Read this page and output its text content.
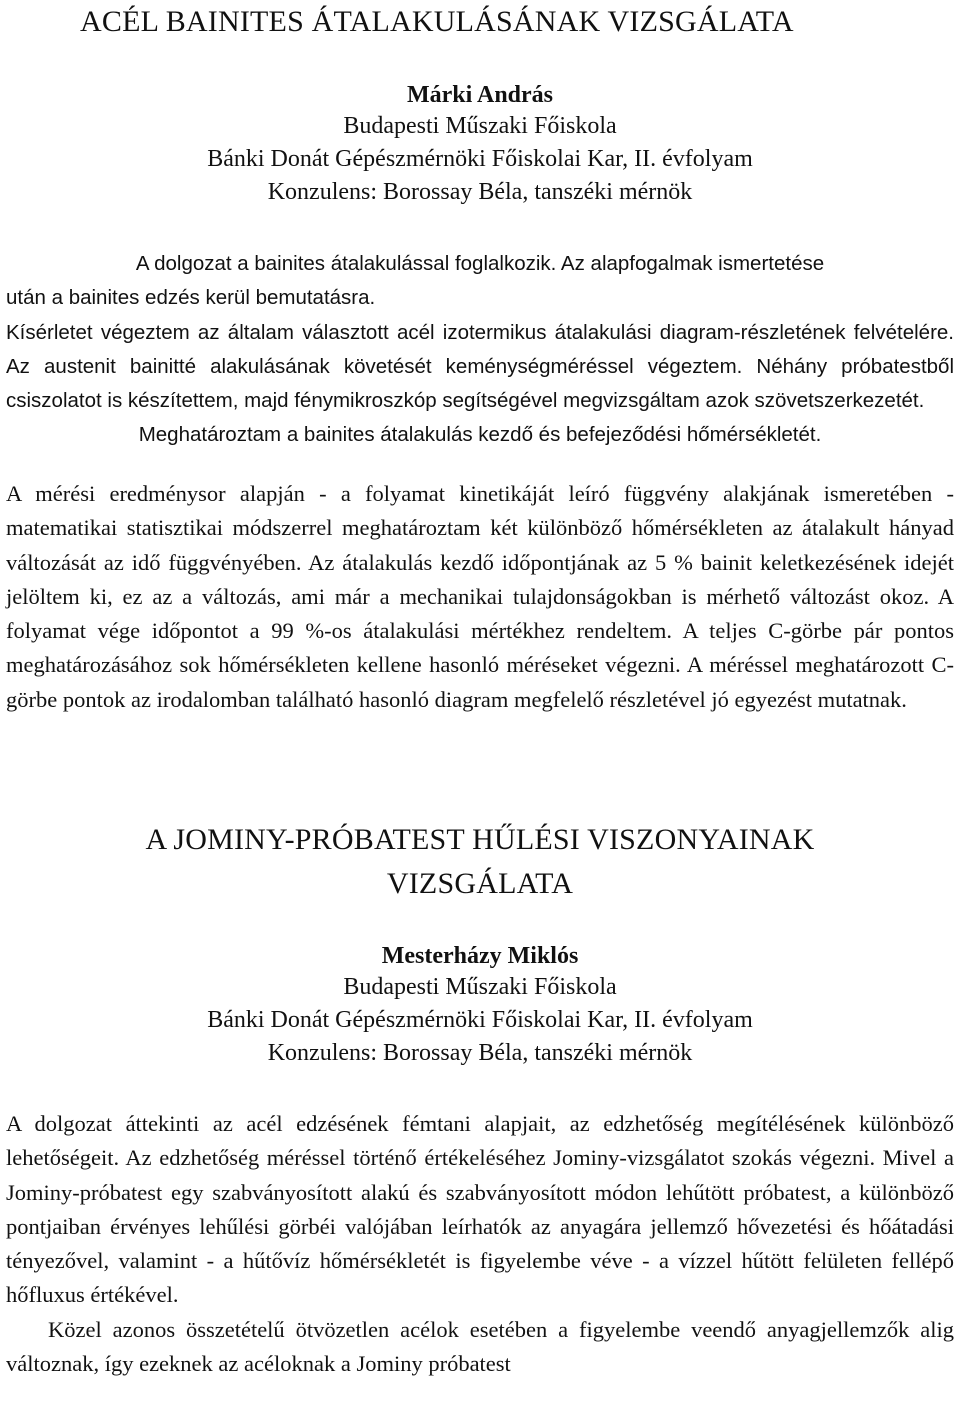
ACÉL BAINITES ÁTALAKULÁSÁNAK VIZSGÁLATA
Márki András
Budapesti Műszaki Főiskola
Bánki Donát Gépészmérnöki Főiskolai Kar, II. évfolyam
Konzulens: Borossay Béla, tanszéki mérnök
A dolgozat a bainites átalakulással foglalkozik. Az alapfogalmak ismertetése
után a bainites edzés kerül bemutatásra.
Kísérletet végeztem az általam választott acél izotermikus átalakulási diagram-részletének felvételére. Az austenit bainitté alakulásának követését keménységméréssel végeztem. Néhány próbatestből csiszolatot is készítettem, majd fénymikroszkóp segítségével megvizsgáltam azok szövetszerkezetét.
Meghatároztam a bainites átalakulás kezdő és befejeződési hőmérsékletét.
A mérési eredménysor alapján - a folyamat kinetikáját leíró függvény alakjának ismeretében - matematikai statisztikai módszerrel meghatároztam két különböző hőmérsékleten az átalakult hányad változását az idő függvényében. Az átalakulás kezdő időpontjának az 5 % bainit keletkezésének idejét jelöltem ki, ez az a változás, ami már a mechanikai tulajdonságokban is mérhető változást okoz. A folyamat vége időpontot a 99 %-os átalakulási mértékhez rendeltem. A teljes C-görbe pár pontos meghatározásához sok hőmérsékleten kellene hasonló méréseket végezni. A méréssel meghatározott C-görbe pontok az irodalomban található hasonló diagram megfelelő részletével jó egyezést mutatnak.
A JOMINY-PRÓBATEST HŰLÉSI VISZONYAINAK
VIZSGÁLATA
Mesterházy Miklós
Budapesti Műszaki Főiskola
Bánki Donát Gépészmérnöki Főiskolai Kar, II. évfolyam
Konzulens: Borossay Béla, tanszéki mérnök
A dolgozat áttekinti az acél edzésének fémtani alapjait, az edzhetőség megítélésének különböző lehetőségeit. Az edzhetőség méréssel történő értékeléséhez Jominy-vizsgálatot szokás végezni. Mivel a Jominy-próbatest egy szabványosított alakú és szabványosított módon lehűtött próbatest, a különböző pontjaiban érvényes lehűlési görbéi valójában leírhatók az anyagára jellemző hővezetési és hőátadási tényezővel, valamint - a hűtővíz hőmérsékletét is figyelembe véve - a vízzel hűtött felületen fellépő hőfluxus értékével.
Közel azonos összetételű ötvözetlen acélok esetében a figyelembe veendő anyagjellemzők alig változnak, így ezeknek az acéloknak a Jominy próbatest
